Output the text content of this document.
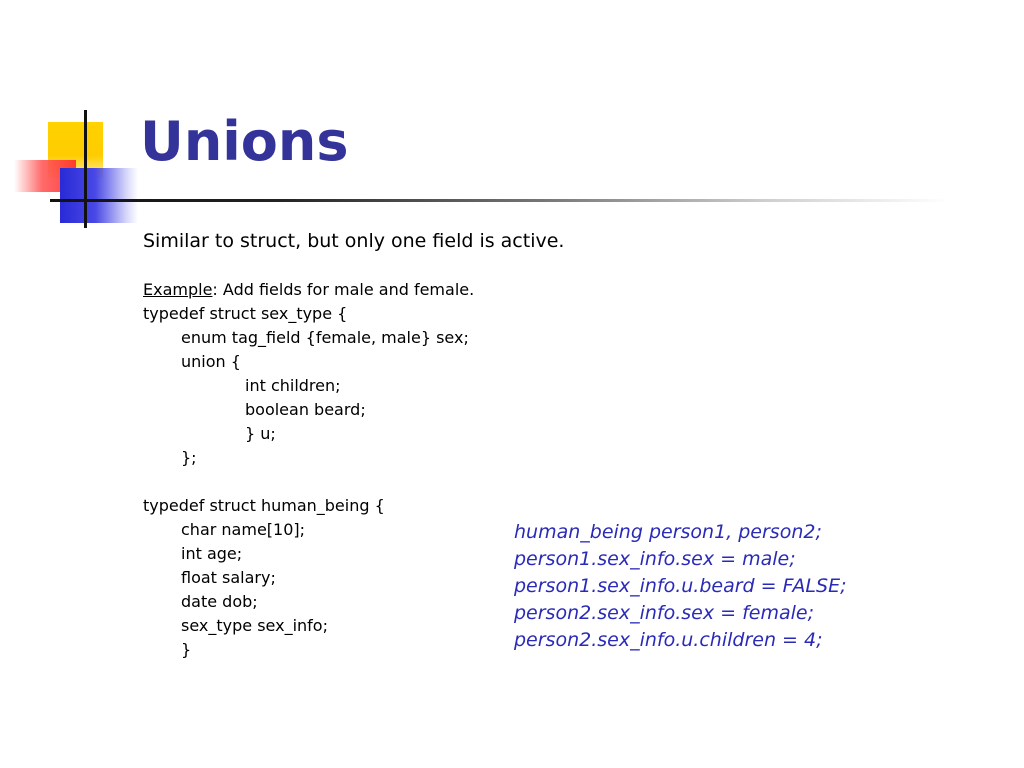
Unions
Similar to struct, but only one field is active.
Example: Add fields for male and female.
typedef struct sex_type {
enum tag_field {female, male} sex;
union {
int children;
boolean beard;
} u;
};
typedef struct human_being {
char name[10];
int age;
float salary;
date dob;
sex_type sex_info;
}
human_being person1, person2;
person1.sex_info.sex = male;
person1.sex_info.u.beard = FALSE;
person2.sex_info.sex = female;
person2.sex_info.u.children = 4;
